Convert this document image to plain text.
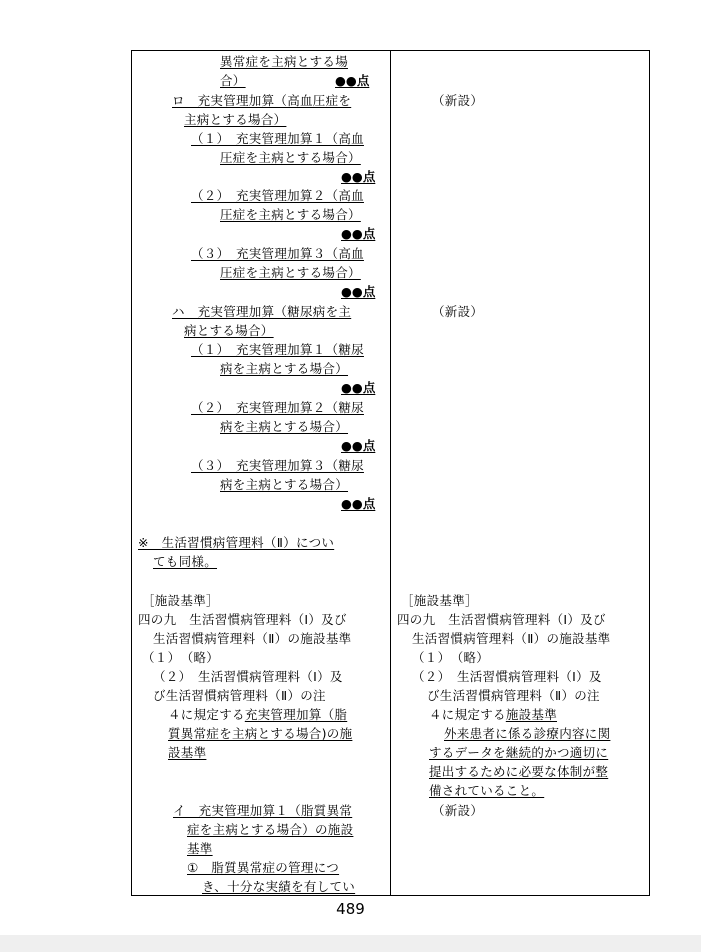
異常症を主病とする場
合）	●●点
ロ　充実管理加算（高血圧症を
主病とする場合）
（１）　充実管理加算１（高血
圧症を主病とする場合）
●●点
（２）　充実管理加算２（高血
圧症を主病とする場合）
●●点
（３）　充実管理加算３（高血
圧症を主病とする場合）
●●点
ハ　充実管理加算（糖尿病を主
病とする場合）
（１）　充実管理加算１（糖尿
病を主病とする場合）
●●点
（２）　充実管理加算２（糖尿
病を主病とする場合）
●●点
（３）　充実管理加算３（糖尿
病を主病とする場合）
●●点
※　生活習慣病管理料（Ⅱ）につい
ても同様。
［施設基準］
四の九　生活習慣病管理料（Ⅰ）及び
生活習慣病管理料（Ⅱ）の施設基準
（１）　（略）
（２）　生活習慣病管理料（Ⅰ）及
び生活習慣病管理料（Ⅱ）の注
４に規定する充実管理加算（脂
質異常症を主病とする場合)の施
設基準
イ　充実管理加算１（脂質異常
症を主病とする場合）の施設
基準
①　脂質異常症の管理につ
き、十分な実績を有してい
（新設）
（新設）
［施設基準］
四の九　生活習慣病管理料（Ⅰ）及び
生活習慣病管理料（Ⅱ）の施設基準
（１）　（略）
（２）　生活習慣病管理料（Ⅰ）及
び生活習慣病管理料（Ⅱ）の注
４に規定する施設基準
外来患者に係る診療内容に関
するデータを継続的かつ適切に
提出するために必要な体制が整
備されていること。
（新設）
489
